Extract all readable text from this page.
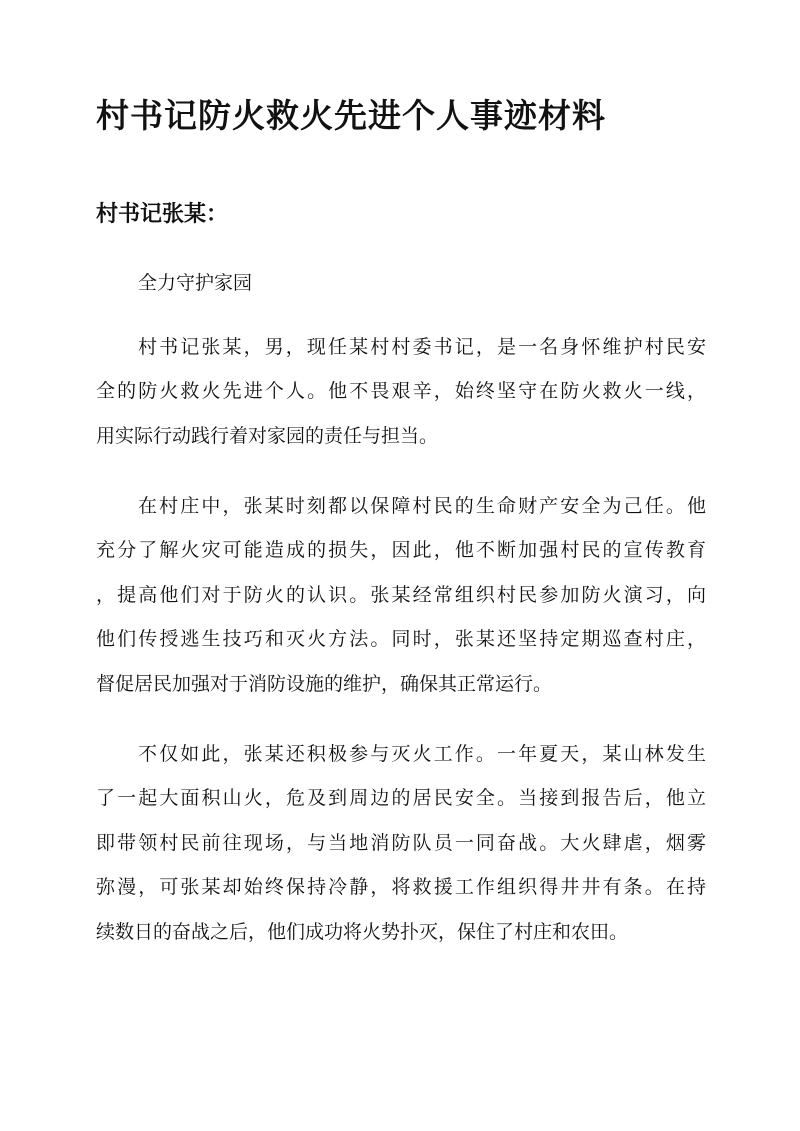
村书记防火救火先进个人事迹材料
村书记张某：

全力守护家园

村书记张某，男，现任某村村委书记，是一名身怀维护村民安
全的防火救火先进个人。他不畏艰辛，始终坚守在防火救火一线，
用实际行动践行着对家园的责任与担当。

在村庄中，张某时刻都以保障村民的生命财产安全为己任。他
充分了解火灾可能造成的损失，因此，他不断加强村民的宣传教育
，提高他们对于防火的认识。张某经常组织村民参加防火演习，向
他们传授逃生技巧和灭火方法。同时，张某还坚持定期巡查村庄，
督促居民加强对于消防设施的维护，确保其正常运行。

不仅如此，张某还积极参与灭火工作。一年夏天，某山林发生
了一起大面积山火，危及到周边的居民安全。当接到报告后，他立
即带领村民前往现场，与当地消防队员一同奋战。大火肆虐，烟雾
弥漫，可张某却始终保持冷静，将救援工作组织得井井有条。在持
续数日的奋战之后，他们成功将火势扑灭，保住了村庄和农田。
